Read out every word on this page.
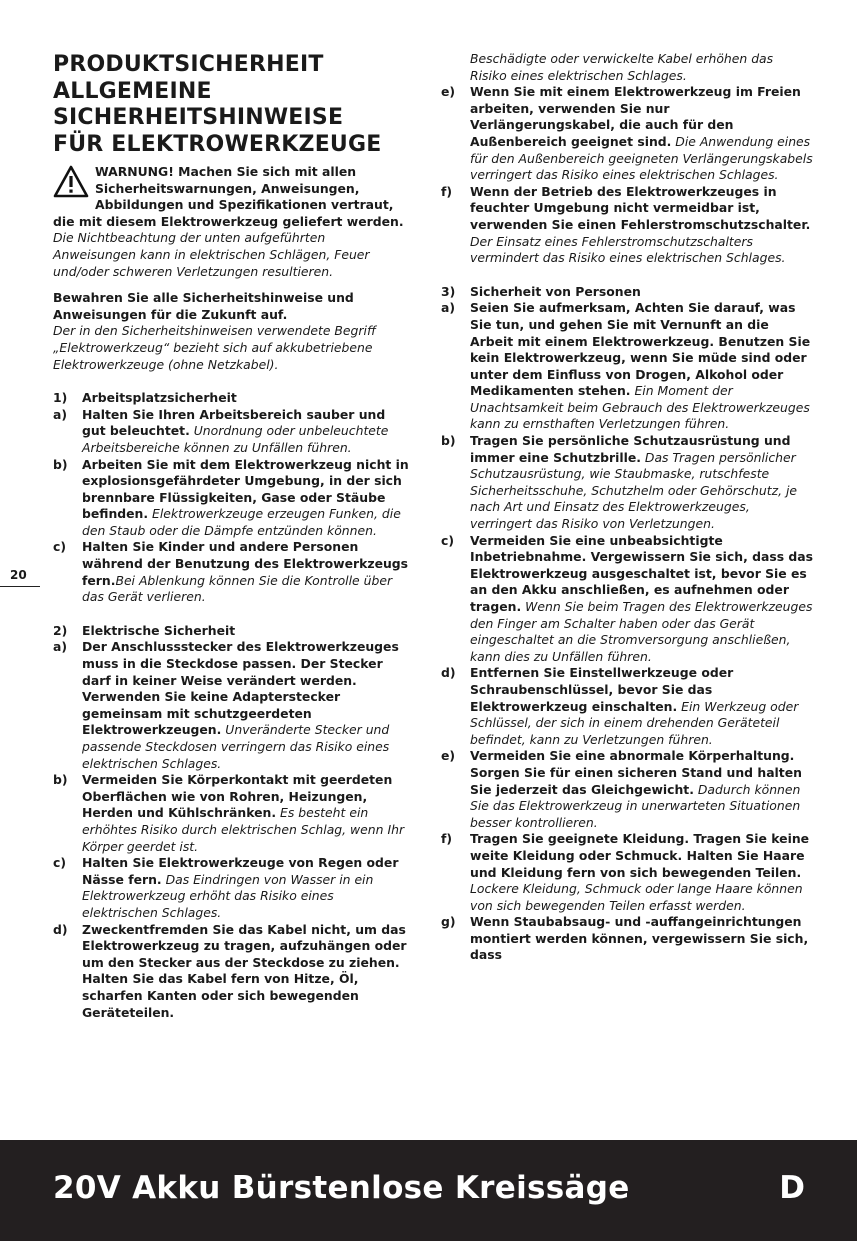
20
PRODUKTSICHERHEIT
ALLGEMEINE
SICHERHEITSHINWEISE
FÜR ELEKTROWERKZEUGE

WARNUNG! Machen Sie sich mit allen Sicherheitswarnungen, Anweisungen, Abbildungen und Spezifikationen vertraut, die mit diesem Elektrowerkzeug geliefert werden. Die Nichtbeachtung der unten aufgeführten Anweisungen kann in elektrischen Schlägen, Feuer und/oder schweren Verletzungen resultieren.

Bewahren Sie alle Sicherheitshinweise und Anweisungen für die Zukunft auf.

Der in den Sicherheitshinweisen verwendete Begriff „Elektrowerkzeug“ bezieht sich auf akkubetriebene Elektrowerkzeuge (ohne Netzkabel).

1)	Arbeitsplatzsicherheit
a)	Halten Sie Ihren Arbeitsbereich sauber und gut beleuchtet. Unordnung oder unbeleuchtete Arbeitsbereiche können zu Unfällen führen.
b)	Arbeiten Sie mit dem Elektrowerkzeug nicht in explosionsgefährdeter Umgebung, in der sich brennbare Flüssigkeiten, Gase oder Stäube befinden. Elektrowerkzeuge erzeugen Funken, die den Staub oder die Dämpfe entzünden können.
c)	Halten Sie Kinder und andere Personen während der Benutzung des Elektrowerkzeugs fern.Bei Ablenkung können Sie die Kontrolle über das Gerät verlieren.
2)	Elektrische Sicherheit
a)	Der Anschlussstecker des Elektrowerkzeuges muss in die Steckdose passen. Der Stecker darf in keiner Weise verändert werden. Verwenden Sie keine Adapterstecker gemeinsam mit schutzgeerdeten Elektrowerkzeugen. Unveränderte Stecker und passende Steckdosen verringern das Risiko eines elektrischen Schlages.
b)	Vermeiden Sie Körperkontakt mit geerdeten Oberflächen wie von Rohren, Heizungen, Herden und Kühlschränken. Es besteht ein erhöhtes Risiko durch elektrischen Schlag, wenn Ihr Körper geerdet ist.
c)	Halten Sie Elektrowerkzeuge von Regen oder Nässe fern. Das Eindringen von Wasser in ein Elektrowerkzeug erhöht das Risiko eines elektrischen Schlages.
d)	Zweckentfremden Sie das Kabel nicht, um das Elektrowerkzeug zu tragen, aufzuhängen oder um den Stecker aus der Steckdose zu ziehen. Halten Sie das Kabel fern von Hitze, Öl, scharfen Kanten oder sich bewegenden Geräteteilen.

Beschädigte oder verwickelte Kabel erhöhen das Risiko eines elektrischen Schlages.

e)	Wenn Sie mit einem Elektrowerkzeug im Freien arbeiten, verwenden Sie nur Verlängerungskabel, die auch für den Außenbereich geeignet sind. Die Anwendung eines für den Außenbereich geeigneten Verlängerungskabels verringert das Risiko eines elektrischen Schlages.
f)	Wenn der Betrieb des Elektrowerkzeuges in feuchter Umgebung nicht vermeidbar ist, verwenden Sie einen Fehlerstromschutzschalter. Der Einsatz eines Fehlerstromschutzschalters vermindert das Risiko eines elektrischen Schlages.
3)	Sicherheit von Personen
a)	Seien Sie aufmerksam, Achten Sie darauf, was Sie tun, und gehen Sie mit Vernunft an die Arbeit mit einem Elektrowerkzeug. Benutzen Sie kein Elektrowerkzeug, wenn Sie müde sind oder unter dem Einfluss von Drogen, Alkohol oder Medikamenten stehen. Ein Moment der Unachtsamkeit beim Gebrauch des Elektrowerkzeuges kann zu ernsthaften Verletzungen führen.
b)	Tragen Sie persönliche Schutzausrüstung und immer eine Schutzbrille. Das Tragen persönlicher Schutzausrüstung, wie Staubmaske, rutschfeste Sicherheitsschuhe, Schutzhelm oder Gehörschutz, je nach Art und Einsatz des Elektrowerkzeuges, verringert das Risiko von Verletzungen.
c)	Vermeiden Sie eine unbeabsichtigte Inbetriebnahme. Vergewissern Sie sich, dass das Elektrowerkzeug ausgeschaltet ist, bevor Sie es an den Akku anschließen, es aufnehmen oder tragen. Wenn Sie beim Tragen des Elektrowerkzeuges den Finger am Schalter haben oder das Gerät eingeschaltet an die Stromversorgung anschließen, kann dies zu Unfällen führen.
d)	Entfernen Sie Einstellwerkzeuge oder Schraubenschlüssel, bevor Sie das Elektrowerkzeug einschalten. Ein Werkzeug oder Schlüssel, der sich in einem drehenden Geräteteil befindet, kann zu Verletzungen führen.
e)	Vermeiden Sie eine abnormale Körperhaltung. Sorgen Sie für einen sicheren Stand und halten Sie jederzeit das Gleichgewicht. Dadurch können Sie das Elektrowerkzeug in unerwarteten Situationen besser kontrollieren.
f)	Tragen Sie geeignete Kleidung. Tragen Sie keine weite Kleidung oder Schmuck. Halten Sie Haare und Kleidung fern von sich bewegenden Teilen. Lockere Kleidung, Schmuck oder lange Haare können von sich bewegenden Teilen erfasst werden.
g)	Wenn Staubabsaug- und -auffangeinrichtungen montiert werden können, vergewissern Sie sich, dass
20V Akku Bürstenlose Kreissäge	D
